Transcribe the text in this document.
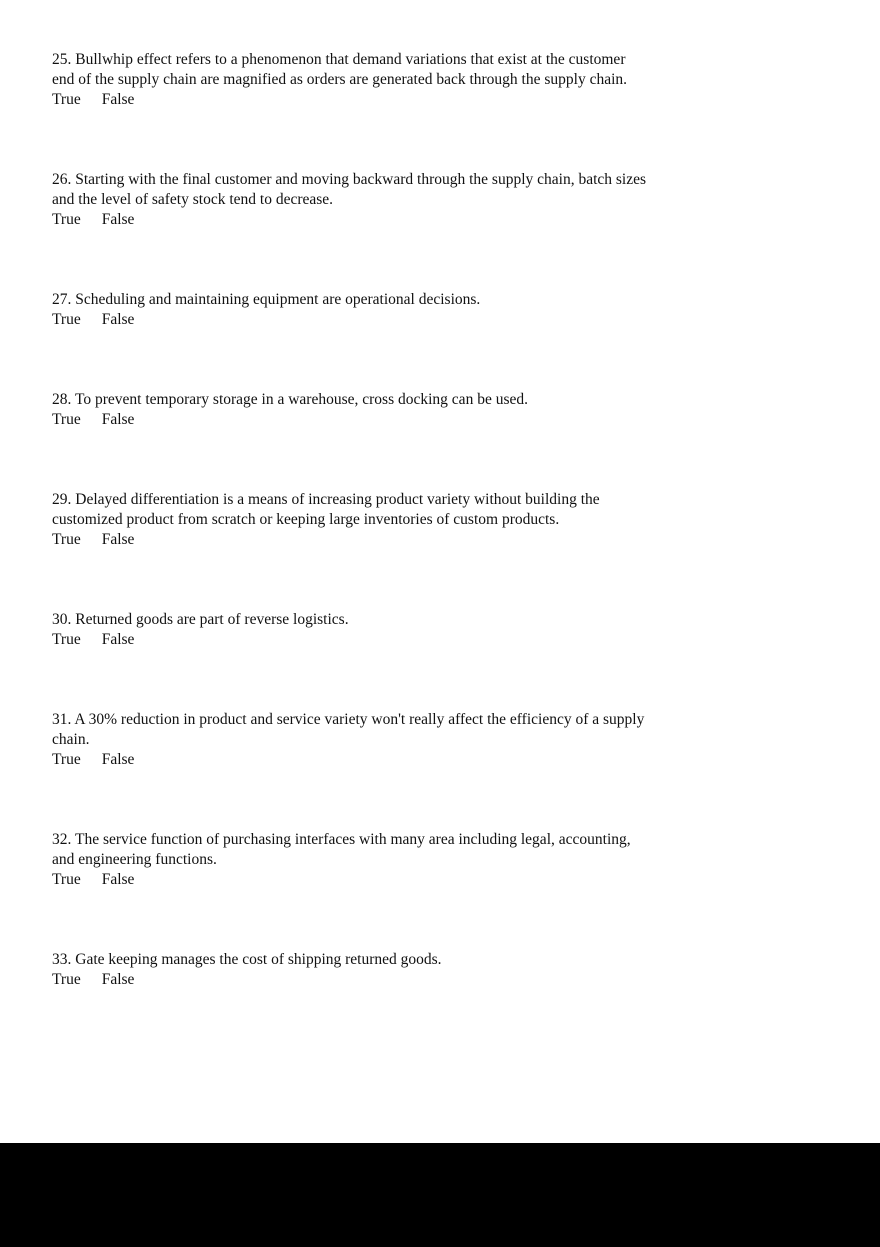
25. Bullwhip effect refers to a phenomenon that demand variations that exist at the customer end of the supply chain are magnified as orders are generated back through the supply chain.

True False

26. Starting with the final customer and moving backward through the supply chain, batch sizes and the level of safety stock tend to decrease.

True False

27. Scheduling and maintaining equipment are operational decisions.

True False

28. To prevent temporary storage in a warehouse, cross docking can be used.

True False

29. Delayed differentiation is a means of increasing product variety without building the customized product from scratch or keeping large inventories of custom products.

True False

30. Returned goods are part of reverse logistics.

True False

31. A 30% reduction in product and service variety won't really affect the efficiency of a supply chain.

True False

32. The service function of purchasing interfaces with many area including legal, accounting, and engineering functions.

True False

33. Gate keeping manages the cost of shipping returned goods.

True False
